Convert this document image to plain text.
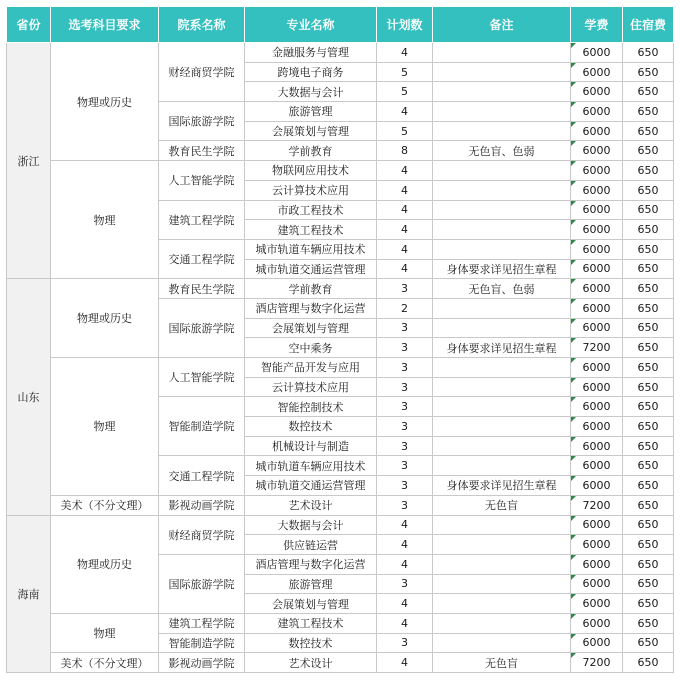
省份	选考科目要求	院系名称	专业名称	计划数	备注	学费	住宿费
浙江	物理或历史	财经商贸学院	金融服务与管理	4		6000	650
			跨境电子商务	5		6000	650
			大数据与会计	5		6000	650
		国际旅游学院	旅游管理	4		6000	650
			会展策划与管理	5		6000	650
		教育民生学院	学前教育	8	无色盲、色弱	6000	650
	物理	人工智能学院	物联网应用技术	4		6000	650
			云计算技术应用	4		6000	650
		建筑工程学院	市政工程技术	4		6000	650
			建筑工程技术	4		6000	650
		交通工程学院	城市轨道车辆应用技术	4		6000	650
			城市轨道交通运营管理	4	身体要求详见招生章程	6000	650
山东	物理或历史	教育民生学院	学前教育	3	无色盲、色弱	6000	650
		国际旅游学院	酒店管理与数字化运营	2		6000	650
			会展策划与管理	3		6000	650
			空中乘务	3	身体要求详见招生章程	7200	650
	物理	人工智能学院	智能产品开发与应用	3		6000	650
			云计算技术应用	3		6000	650
		智能制造学院	智能控制技术	3		6000	650
			数控技术	3		6000	650
			机械设计与制造	3		6000	650
		交通工程学院	城市轨道车辆应用技术	3		6000	650
			城市轨道交通运营管理	3	身体要求详见招生章程	6000	650
	美术（不分文理）	影视动画学院	艺术设计	3	无色盲	7200	650
海南	物理或历史	财经商贸学院	大数据与会计	4		6000	650
			供应链运营	4		6000	650
		国际旅游学院	酒店管理与数字化运营	4		6000	650
			旅游管理	3		6000	650
			会展策划与管理	4		6000	650
	物理	建筑工程学院	建筑工程技术	4		6000	650
		智能制造学院	数控技术	3		6000	650
	美术（不分文理）	影视动画学院	艺术设计	4	无色盲	7200	650
